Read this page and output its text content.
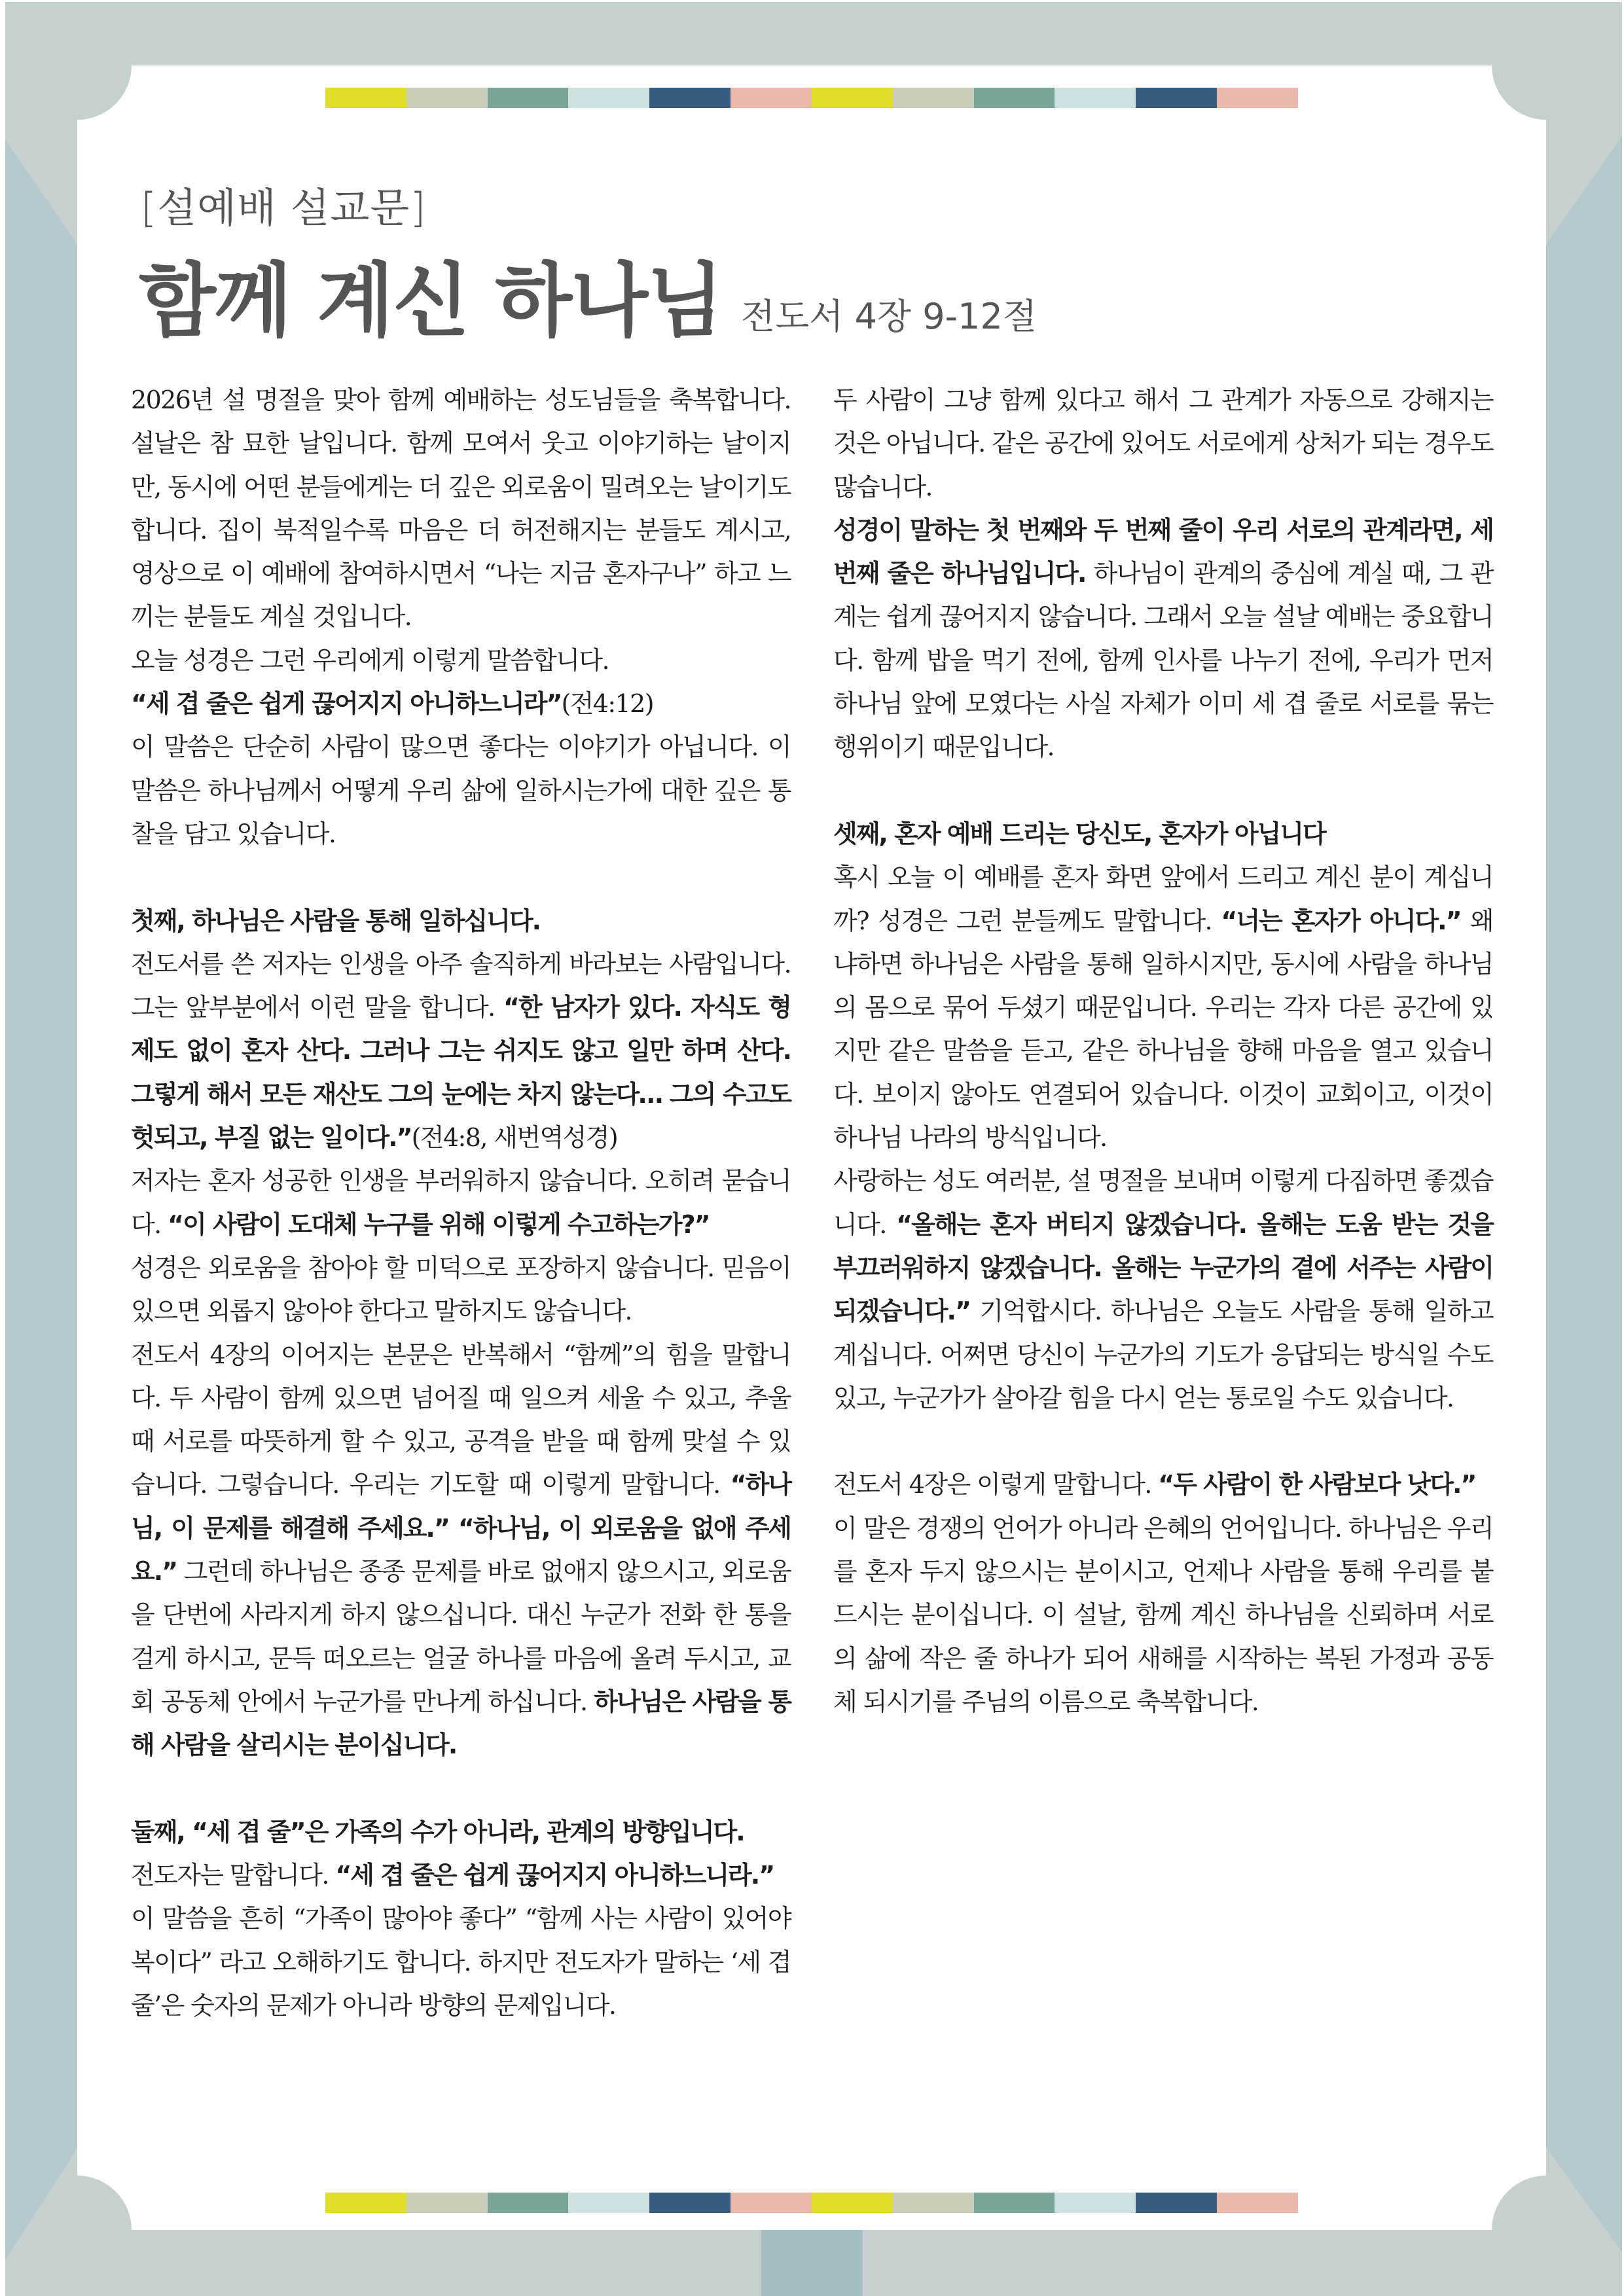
[설예배 설교문]
함께 계신 하나님 전도서 4장 9-12절

2026년 설 명절을 맞아 함께 예배하는 성도님들을 축복합니다. 설날은 참 묘한 날입니다. 함께 모여서 웃고 이야기하는 날이지만, 동시에 어떤 분들에게는 더 깊은 외로움이 밀려오는 날이기도 합니다. 집이 북적일수록 마음은 더 허전해지는 분들도 계시고, 영상으로 이 예배에 참여하시면서 “나는 지금 혼자구나” 하고 느끼는 분들도 계실 것입니다.

오늘 성경은 그런 우리에게 이렇게 말씀합니다.

“세 겹 줄은 쉽게 끊어지지 아니하느니라”(전4:12)

이 말씀은 단순히 사람이 많으면 좋다는 이야기가 아닙니다. 이 말씀은 하나님께서 어떻게 우리 삶에 일하시는가에 대한 깊은 통찰을 담고 있습니다.

첫째, 하나님은 사람을 통해 일하십니다.

전도서를 쓴 저자는 인생을 아주 솔직하게 바라보는 사람입니다. 그는 앞부분에서 이런 말을 합니다. “한 남자가 있다. 자식도 형제도 없이 혼자 산다. 그러나 그는 쉬지도 않고 일만 하며 산다. 그렇게 해서 모든 재산도 그의 눈에는 차지 않는다… 그의 수고도 헛되고, 부질 없는 일이다.”(전4:8, 새번역성경)

저자는 혼자 성공한 인생을 부러워하지 않습니다. 오히려 묻습니다. “이 사람이 도대체 누구를 위해 이렇게 수고하는가?”

성경은 외로움을 참아야 할 미덕으로 포장하지 않습니다. 믿음이 있으면 외롭지 않아야 한다고 말하지도 않습니다.

전도서 4장의 이어지는 본문은 반복해서 “함께”의 힘을 말합니다. 두 사람이 함께 있으면 넘어질 때 일으켜 세울 수 있고, 추울 때 서로를 따뜻하게 할 수 있고, 공격을 받을 때 함께 맞설 수 있습니다. 그렇습니다. 우리는 기도할 때 이렇게 말합니다. “하나님, 이 문제를 해결해 주세요.” “하나님, 이 외로움을 없애 주세요.” 그런데 하나님은 종종 문제를 바로 없애지 않으시고, 외로움을 단번에 사라지게 하지 않으십니다. 대신 누군가 전화 한 통을 걸게 하시고, 문득 떠오르는 얼굴 하나를 마음에 올려 두시고, 교회 공동체 안에서 누군가를 만나게 하십니다. 하나님은 사람을 통해 사람을 살리시는 분이십니다.

둘째, “세 겹 줄”은 가족의 수가 아니라, 관계의 방향입니다.

전도자는 말합니다. “세 겹 줄은 쉽게 끊어지지 아니하느니라.”

이 말씀을 흔히 “가족이 많아야 좋다” “함께 사는 사람이 있어야 복이다” 라고 오해하기도 합니다. 하지만 전도자가 말하는 ‘세 겹 줄’은 숫자의 문제가 아니라 방향의 문제입니다.

두 사람이 그냥 함께 있다고 해서 그 관계가 자동으로 강해지는 것은 아닙니다. 같은 공간에 있어도 서로에게 상처가 되는 경우도 많습니다.

성경이 말하는 첫 번째와 두 번째 줄이 우리 서로의 관계라면, 세 번째 줄은 하나님입니다. 하나님이 관계의 중심에 계실 때, 그 관계는 쉽게 끊어지지 않습니다. 그래서 오늘 설날 예배는 중요합니다. 함께 밥을 먹기 전에, 함께 인사를 나누기 전에, 우리가 먼저 하나님 앞에 모였다는 사실 자체가 이미 세 겹 줄로 서로를 묶는 행위이기 때문입니다.

셋째, 혼자 예배 드리는 당신도, 혼자가 아닙니다

혹시 오늘 이 예배를 혼자 화면 앞에서 드리고 계신 분이 계십니까? 성경은 그런 분들께도 말합니다. “너는 혼자가 아니다.” 왜냐하면 하나님은 사람을 통해 일하시지만, 동시에 사람을 하나님의 몸으로 묶어 두셨기 때문입니다. 우리는 각자 다른 공간에 있지만 같은 말씀을 듣고, 같은 하나님을 향해 마음을 열고 있습니다. 보이지 않아도 연결되어 있습니다. 이것이 교회이고, 이것이 하나님 나라의 방식입니다.

사랑하는 성도 여러분, 설 명절을 보내며 이렇게 다짐하면 좋겠습니다. “올해는 혼자 버티지 않겠습니다. 올해는 도움 받는 것을 부끄러워하지 않겠습니다. 올해는 누군가의 곁에 서주는 사람이 되겠습니다.” 기억합시다. 하나님은 오늘도 사람을 통해 일하고 계십니다. 어쩌면 당신이 누군가의 기도가 응답되는 방식일 수도 있고, 누군가가 살아갈 힘을 다시 얻는 통로일 수도 있습니다.

전도서 4장은 이렇게 말합니다. “두 사람이 한 사람보다 낫다.”

이 말은 경쟁의 언어가 아니라 은혜의 언어입니다. 하나님은 우리를 혼자 두지 않으시는 분이시고, 언제나 사람을 통해 우리를 붙드시는 분이십니다. 이 설날, 함께 계신 하나님을 신뢰하며 서로의 삶에 작은 줄 하나가 되어 새해를 시작하는 복된 가정과 공동체 되시기를 주님의 이름으로 축복합니다.
